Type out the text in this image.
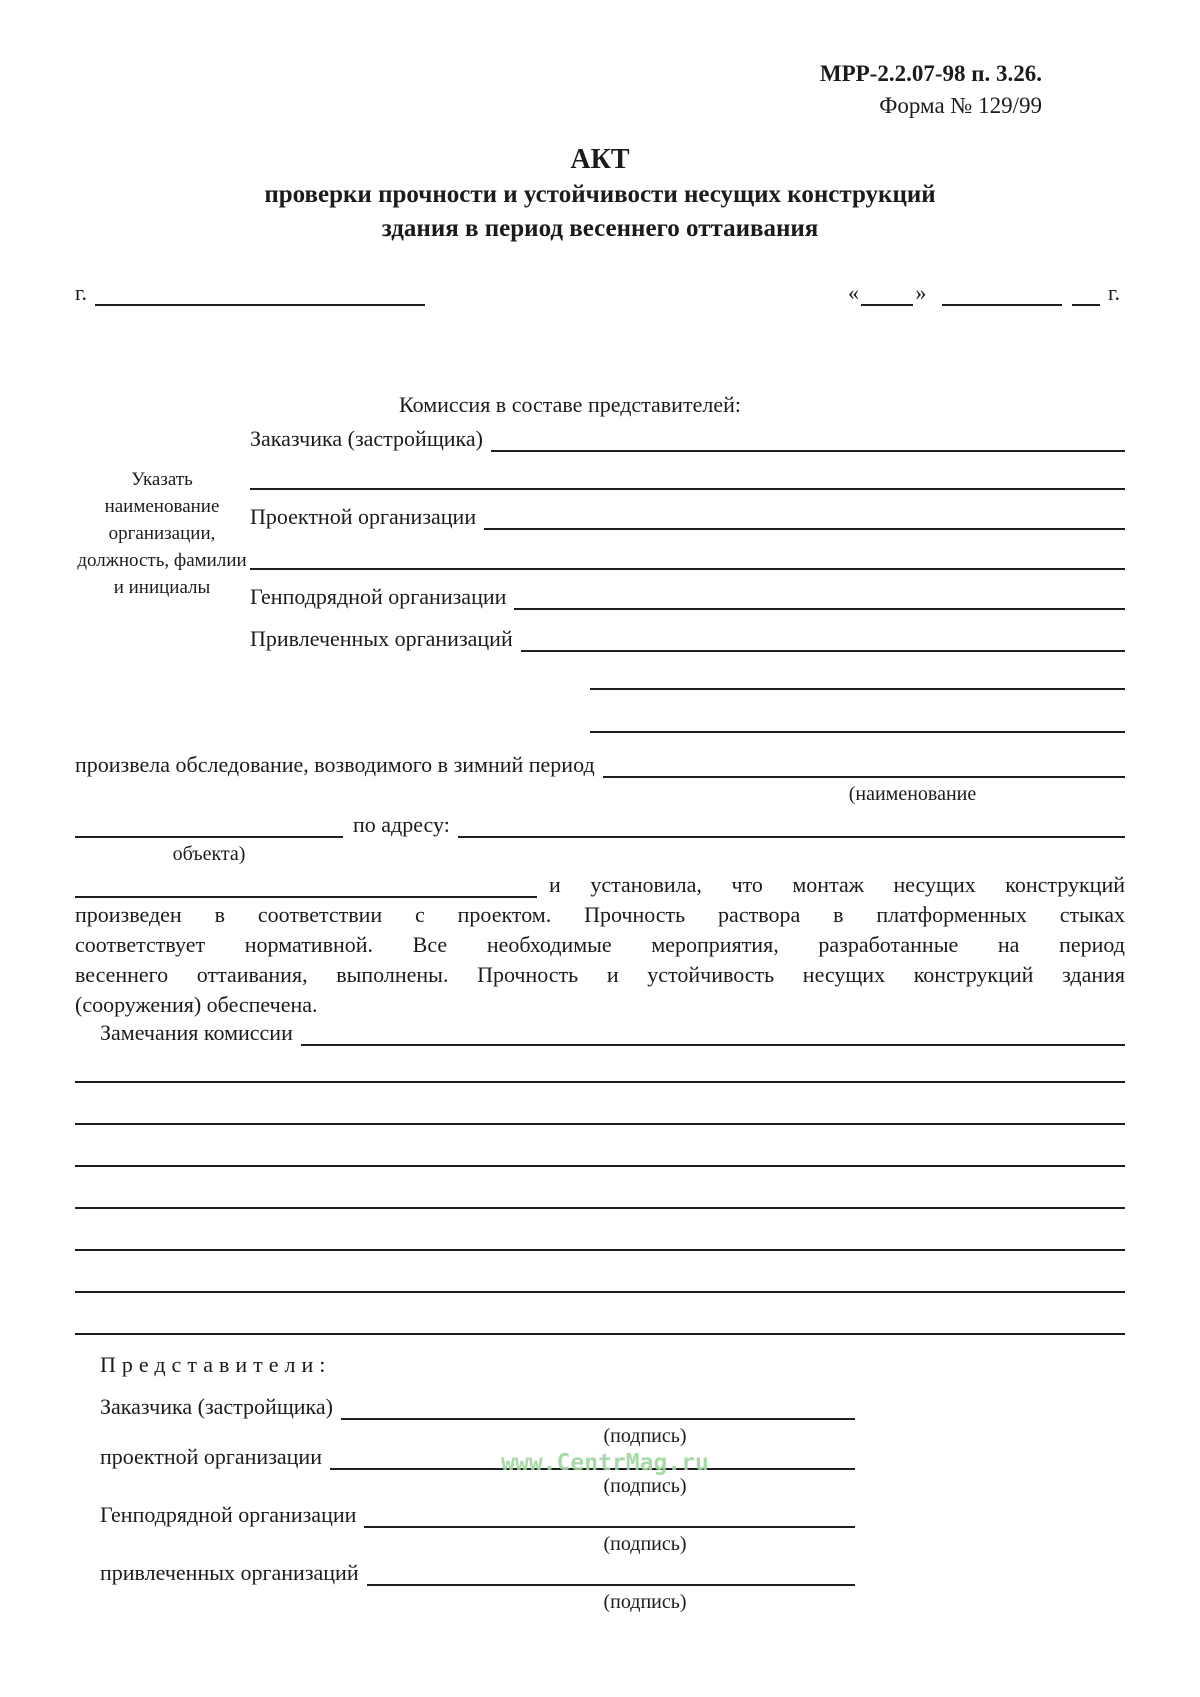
МРР-2.2.07-98 п. 3.26.
Форма № 129/99
АКТ
проверки прочности и устойчивости несущих конструкций
здания в период весеннего оттаивания
г.	«	»	г.
Комиссия в составе представителей:
Указать наименование организации, должность, фамилии и инициалы
Заказчика (застройщика)
Проектной организации
Генподрядной организации
Привлеченных организаций
произвела обследование, возводимого в зимний период
(наименование
по адресу:
объекта)
и установила, что монтаж несущих конструкций
произведен в соответствии с проектом. Прочность раствора в платформенных стыках
соответствует нормативной. Все необходимые мероприятия, разработанные на период
весеннего оттаивания, выполнены. Прочность и устойчивость несущих конструкций здания
(сооружения) обеспечена.
Замечания комиссии
Представители:
Заказчика (застройщика)
(подпись)
проектной организации
(подпись)
Генподрядной организации
(подпись)
привлеченных организаций
(подпись)
www.CentrMag.ru
